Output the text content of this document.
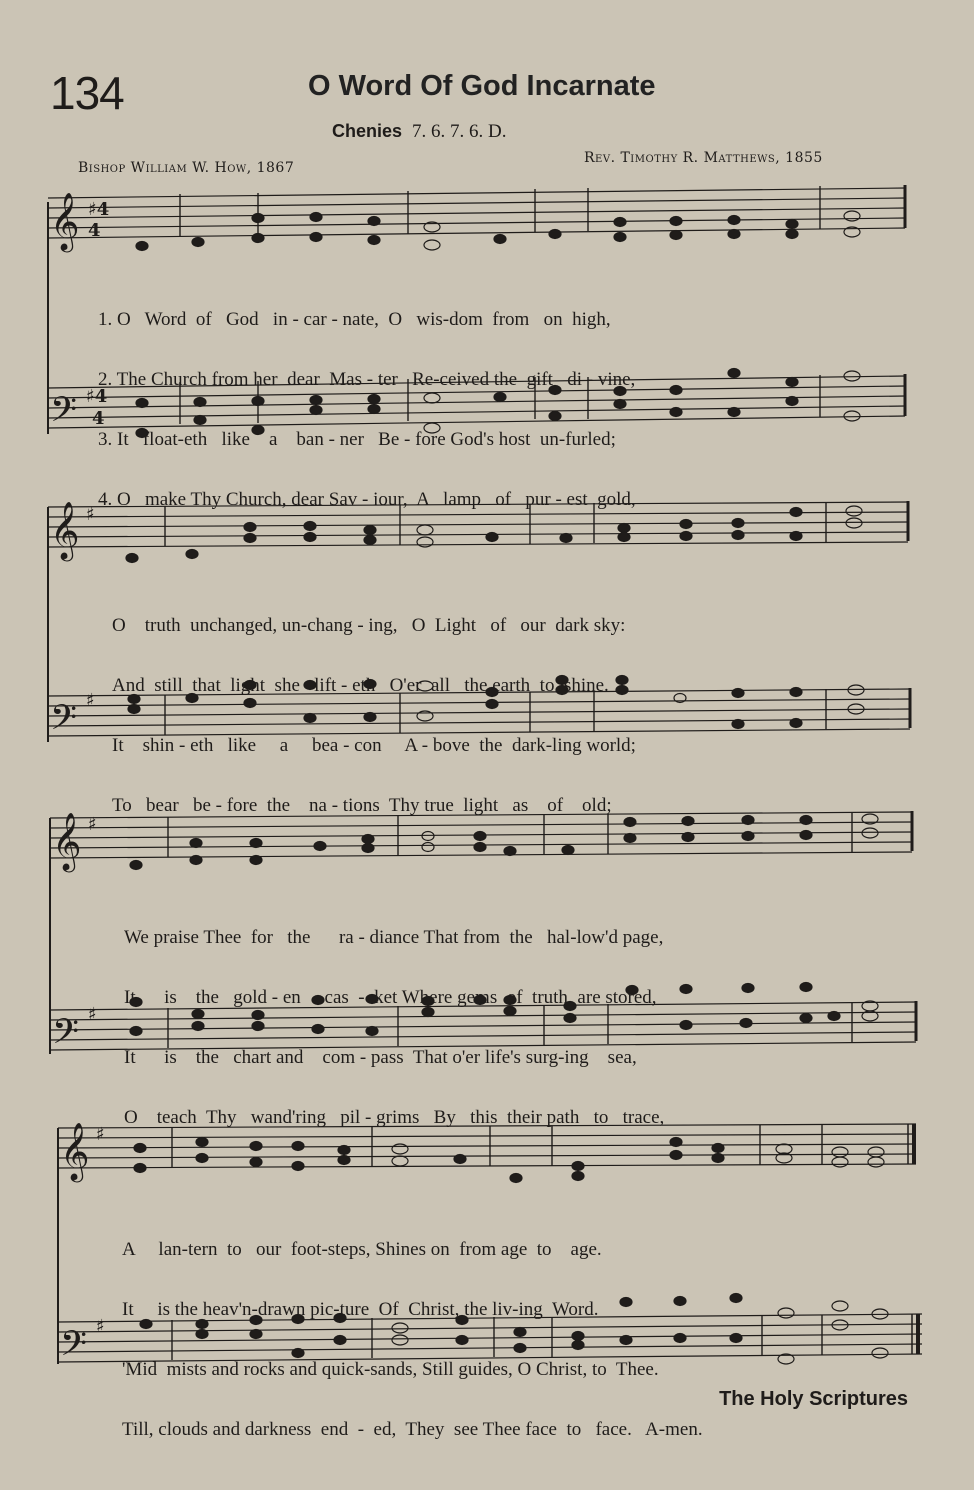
134	O Word Of God Incarnate
Chenies 7. 6. 7. 6. D.
Bishop William W. How, 1867
Rev. Timothy R. Matthews, 1855
𝄞 ♯4
4
𝄢 ♯4
4

1. O   Word  of   God   in - car - nate,  O   wis-dom  from   on  high,

2. The Church from her  dear  Mas - ter   Re-ceived the  gift   di - vine,

3. It   float-eth   like    a    ban - ner   Be - fore God's host  un-furled;

4. O   make Thy Church, dear Sav - iour,  A   lamp   of   pur - est  gold,

𝄞 ♯
𝄢 ♯

O    truth  unchanged, un-chang - ing,   O  Light   of   our  dark sky:

And  still  that  light  she   lift - eth   O'er  all   the earth  to  shine.

It    shin - eth   like     a     bea - con     A - bove  the  dark-ling world;

To   bear   be - fore  the    na - tions  Thy true  light   as    of    old;

𝄞 ♯
𝄢 ♯

We praise Thee  for   the      ra - diance That from  the   hal-low'd page,

It      is    the   gold - en     cas  -  ket Where gems  of  truth  are stored,

It      is    the   chart and    com - pass  That o'er life's surg-ing    sea,

O    teach  Thy   wand'ring   pil - grims   By   this  their path   to   trace,

𝄞 ♯
𝄢 ♯

A     lan-tern  to   our  foot-steps, Shines on  from age  to    age.

It     is the heav'n-drawn pic-ture  Of  Christ, the liv-ing  Word.

'Mid  mists and rocks and quick-sands, Still guides, O Christ, to  Thee.

Till, clouds and darkness  end  -  ed,  They  see Thee face  to   face.   A-men.

The Holy Scriptures
